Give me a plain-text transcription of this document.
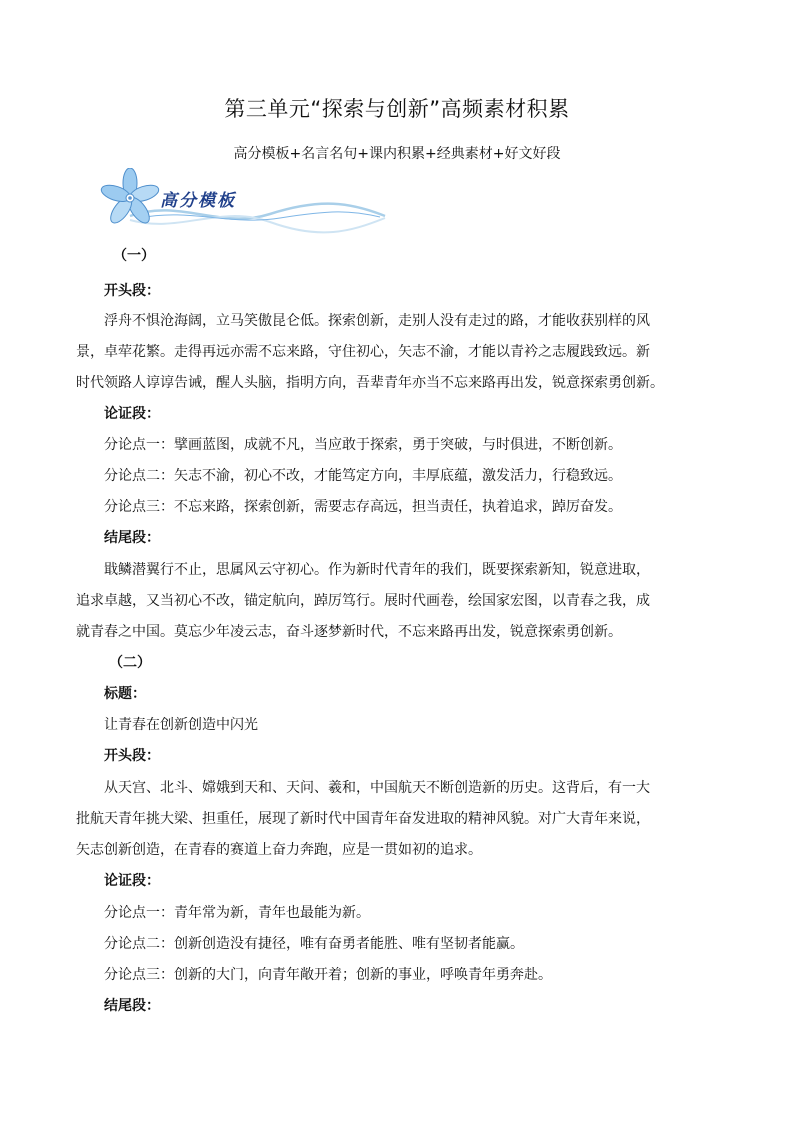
第三单元“探索与创新”高频素材积累

高分模板+名言名句+课内积累+经典素材+好文好段

高分模板
（一）
开头段：
浮舟不惧沧海阔，立马笑傲昆仑低。探索创新，走别人没有走过的路，才能收获别样的风
景，卓荦花繁。走得再远亦需不忘来路，守住初心，矢志不渝，才能以青衿之志履践致远。新
时代领路人谆谆告诫，醒人头脑，指明方向，吾辈青年亦当不忘来路再出发，锐意探索勇创新。
论证段：
分论点一：擘画蓝图，成就不凡，当应敢于探索，勇于突破，与时俱进，不断创新。
分论点二：矢志不渝，初心不改，才能笃定方向，丰厚底蕴，激发活力，行稳致远。
分论点三：不忘来路，探索创新，需要志存高远，担当责任，执着追求，踔厉奋发。
结尾段：
戢鳞潜翼行不止，思属风云守初心。作为新时代青年的我们，既要探索新知，锐意进取，
追求卓越，又当初心不改，锚定航向，踔厉笃行。展时代画卷，绘国家宏图，以青春之我，成
就青春之中国。莫忘少年凌云志，奋斗逐梦新时代，不忘来路再出发，锐意探索勇创新。
（二）
标题：
让青春在创新创造中闪光
开头段：
从天宫、北斗、嫦娥到天和、天问、羲和，中国航天不断创造新的历史。这背后，有一大
批航天青年挑大梁、担重任，展现了新时代中国青年奋发进取的精神风貌。对广大青年来说，
矢志创新创造，在青春的赛道上奋力奔跑，应是一贯如初的追求。
论证段：
分论点一：青年常为新，青年也最能为新。
分论点二：创新创造没有捷径，唯有奋勇者能胜、唯有坚韧者能赢。
分论点三：创新的大门，向青年敞开着；创新的事业，呼唤青年勇奔赴。
结尾段：
